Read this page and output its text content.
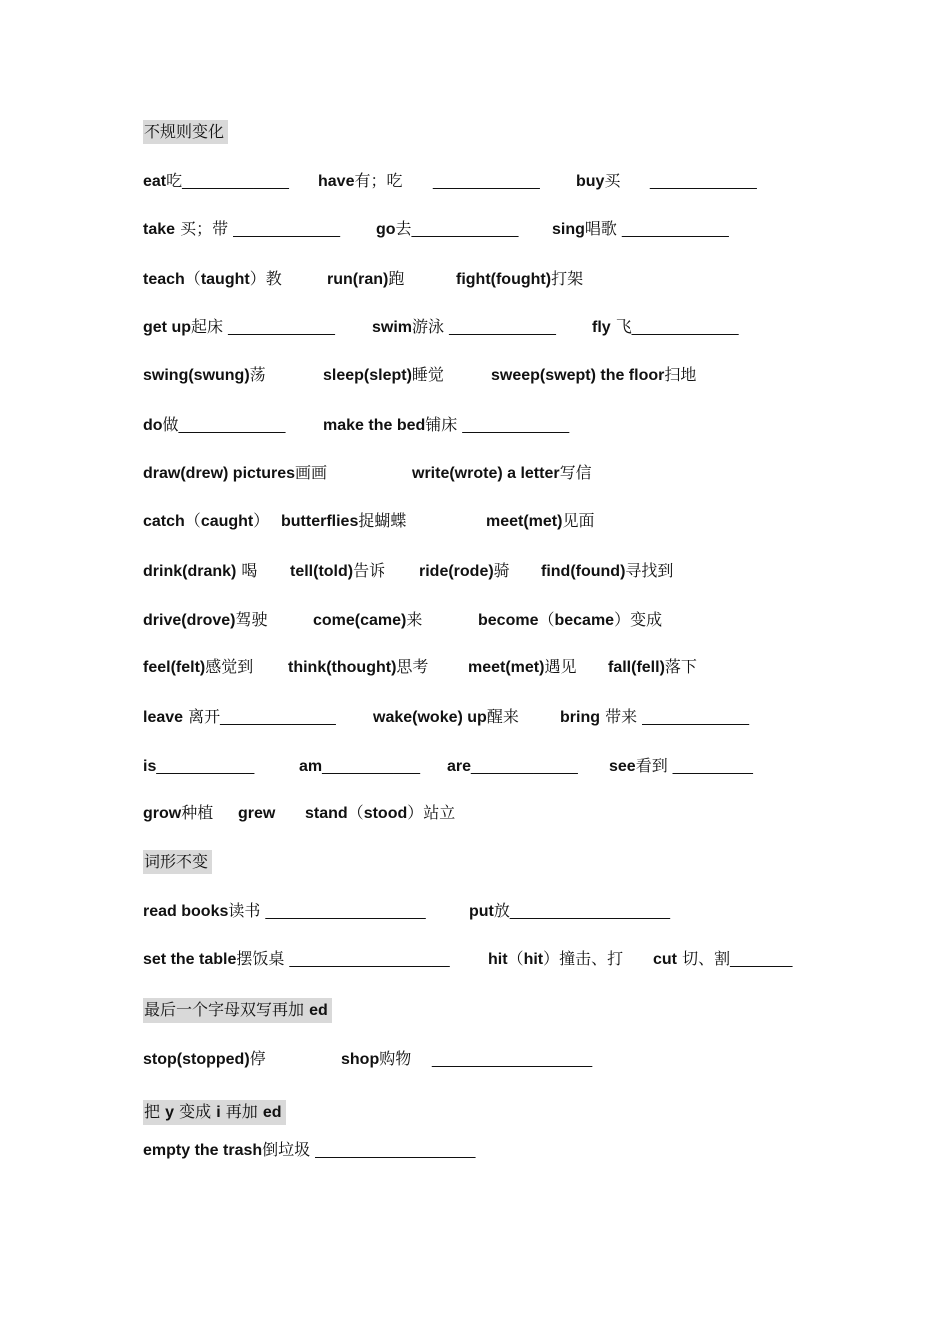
不规则变化
eat吃____________ have有；吃 ____________ buy买 ____________
take 买；带 ____________ go去____________ sing唱歌 ____________
teach（taught）教	run(ran)跑	fight(fought)打架
get up起床 ____________ swim游泳 ____________ fly 飞____________
swing(swung)荡	sleep(slept)睡觉	sweep(swept) the floor扫地
do做____________ make the bed铺床 ____________
draw(drew) pictures画画	write(wrote) a letter写信
catch（caught） butterflies捉蝴蝶	meet(met)见面
drink(drank) 喝 tell(told)告诉 ride(rode)骑 find(found)寻找到
drive(drove)驾驶	come(came)来	become（became）变成
feel(felt)感觉到 think(thought)思考 meet(met)遇见 fall(fell)落下
leave 离开_____________ wake(woke) up醒来	bring 带来 ____________
is___________	am___________ are____________ see看到 _________
grow种植 grew stand（stood）站立
词形不变
read books读书 __________________	put放__________________
set the table摆饭桌 __________________ hit（hit）撞击、打 cut 切、割_______
最后一个字母双写再加 ed
stop(stopped)停	shop购物 __________________
把 y 变成 i 再加 ed
empty the trash倒垃圾 __________________
